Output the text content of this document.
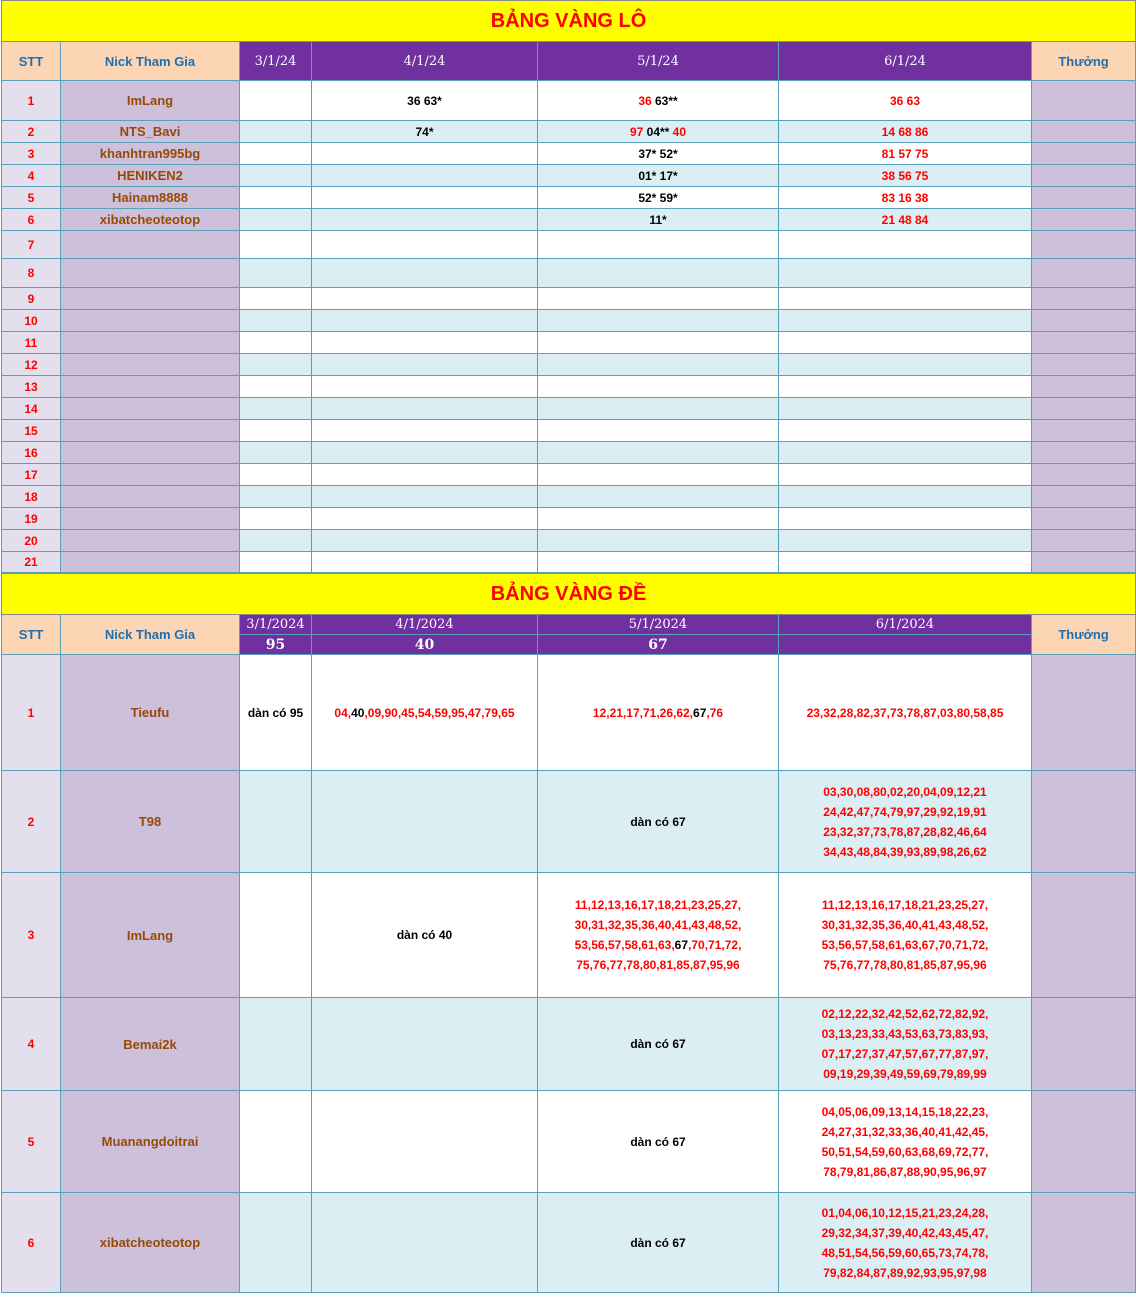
BẢNG VÀNG LÔ						
STT	Nick Tham Gia	3/1/24	4/1/24	5/1/24	6/1/24	Thưởng
1	ImLang		36 63*	36 63**	36 63	
2	NTS_Bavi		74*	97 04** 40	14 68 86	
3	khanhtran995bg			37* 52*	81 57 75	
4	HENIKEN2			01* 17*	38 56 75	
5	Hainam8888			52* 59*	83 16 38	
6	xibatcheoteotop			11*	21 48 84	
7						
8						
9						
10						
11						
12						
13						
14						
15						
16						
17						
18						
19						
20						
21						
BẢNG VÀNG ĐỀ						
STT	Nick Tham Gia	3/1/2024	4/1/2024	5/1/2024	6/1/2024	Thưởng
		95	40	67		
1	Tieufu	dàn có 95	04,40,09,90,45,54,59,95,47,79,65	12,21,17,71,26,62,67,76	23,32,28,82,37,73,78,87,03,80,58,85	

2	T98			dàn có 67	03,30,08,80,02,20,04,09,12,21
24,42,47,74,79,97,29,92,19,91
23,32,37,73,78,87,28,82,46,64
34,43,48,84,39,93,89,98,26,62	

3	ImLang		dàn có 40	11,12,13,16,17,18,21,23,25,27,
30,31,32,35,36,40,41,43,48,52,
53,56,57,58,61,63,67,70,71,72,
75,76,77,78,80,81,85,87,95,96	11,12,13,16,17,18,21,23,25,27,
30,31,32,35,36,40,41,43,48,52,
53,56,57,58,61,63,67,70,71,72,
75,76,77,78,80,81,85,87,95,96	

4	Bemai2k			dàn có 67	02,12,22,32,42,52,62,72,82,92,
03,13,23,33,43,53,63,73,83,93,
07,17,27,37,47,57,67,77,87,97,
09,19,29,39,49,59,69,79,89,99	

5	Muanangdoitrai			dàn có 67	04,05,06,09,13,14,15,18,22,23,
24,27,31,32,33,36,40,41,42,45,
50,51,54,59,60,63,68,69,72,77,
78,79,81,86,87,88,90,95,96,97	

6	xibatcheoteotop			dàn có 67	01,04,06,10,12,15,21,23,24,28,
29,32,34,37,39,40,42,43,45,47,
48,51,54,56,59,60,65,73,74,78,
79,82,84,87,89,92,93,95,97,98	
